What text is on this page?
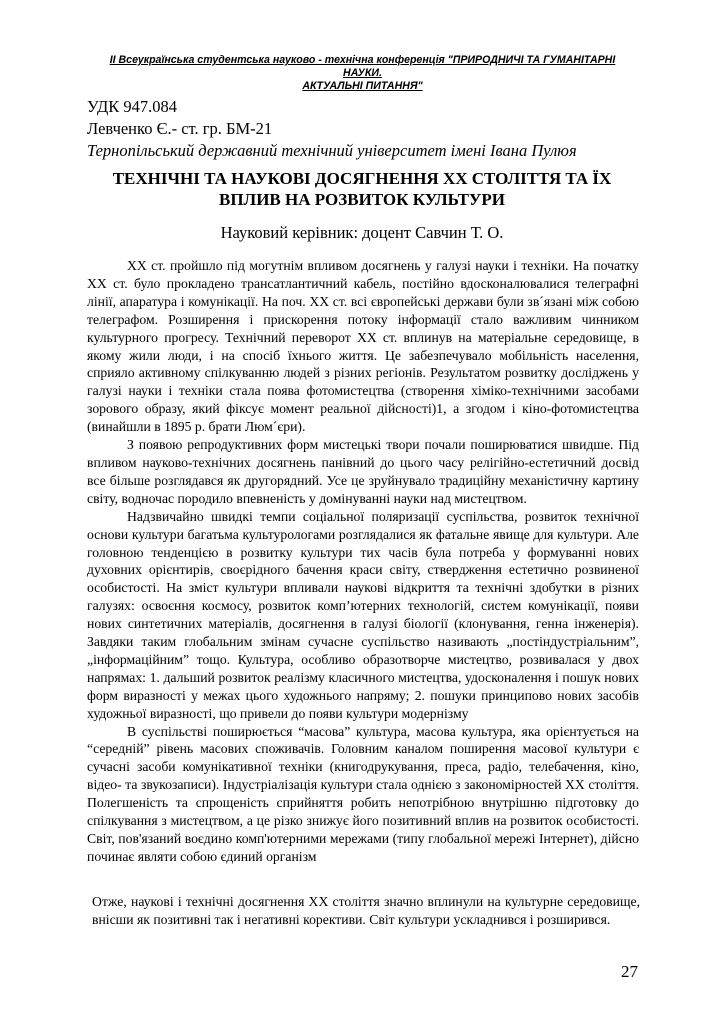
ІІ Всеукраїнська студентська науково - технічна конференція "ПРИРОДНИЧІ ТА ГУМАНІТАРНІ НАУКИ.
АКТУАЛЬНІ ПИТАННЯ"
УДК 947.084
Левченко Є.- ст. гр. БМ-21
Тернопільський державний технічний університет імені Івана Пулюя
ТЕХНІЧНІ ТА НАУКОВІ ДОСЯГНЕННЯ ХХ СТОЛІТТЯ ТА ЇХ
ВПЛИВ НА РОЗВИТОК КУЛЬТУРИ
Науковий керівник: доцент Савчин Т. О.

XX ст. пройшло під могутнім впливом досягнень у галузі науки і техніки. На початку XX ст. було прокладено трансатлантичний кабель, постійно вдосконалювалися телеграфні лінії, апаратура і комунікації. На поч. XX ст. всі європейські держави були зв´язані між собою телеграфом. Розширення і прискорення потоку інформації стало важливим чинником культурного прогресу. Технічний переворот XX ст. вплинув на матеріальне середовище, в якому жили люди, і на спосіб їхнього життя. Це забезпечувало мобільність населення, сприяло активному спілкуванню людей з різних регіонів. Результатом розвитку досліджень у галузі науки і техніки стала поява фотомистецтва (створення хіміко-технічними засобами зорового образу, який фіксує момент реальної дійсності)1, а згодом і кіно-фотомистецтва (винайшли в 1895 р. брати Люм´єри).

З появою репродуктивних форм мистецькі твори почали поширюватися швидше. Під впливом науково-технічних досягнень панівний до цього часу релігійно-естетичний досвід все більше розглядався як другорядний. Усе це зруйнувало традиційну механістичну картину світу, водночас породило впевненість у домінуванні науки над мистецтвом.

Надзвичайно швидкі темпи соціальної поляризації суспільства, розвиток технічної основи культури багатьма культурологами розглядалися як фатальне явище для культури. Але головною тенденцією в розвитку культури тих часів була потреба у формуванні нових духовних орієнтирів, своєрідного бачення краси світу, ствердження естетично розвиненої особистості. На зміст культури впливали наукові відкриття та технічні здобутки в різних галузях: освоєння космосу, розвиток комп’ютерних технологій, систем комунікації, появи нових синтетичних матеріалів, досягнення в галузі біології (клонування, генна інженерія). Завдяки таким глобальним змінам сучасне суспільство називають „постіндустріальним”, „інформаційним” тощо. Культура, особливо образотворче мистецтво, розвивалася у двох напрямах: 1. дальший розвиток реалізму класичного мистецтва, удосконалення і пошук нових форм виразності у межах цього художнього напряму; 2. пошуки принципово нових засобів художньої виразності, що привели до появи культури модернізму

В суспільстві поширюється “масова” культура, масова культура, яка орієнтується на “середній” рівень масових споживачів. Головним каналом поширення масової культури є сучасні засоби комунікативної техніки (книгодрукування, преса, радіо, телебачення, кіно, відео- та звукозаписи). Індустріалізація культури стала однією з закономірностей XX століття. Полегшеність та спрощеність сприйняття робить непотрібною внутрішню підготовку до спілкування з мистецтвом, а це різко знижує його позитивний вплив на розвиток особистості. Світ, пов'язаний воєдино комп'ютерними мережами (типу глобальної мережі Інтернет), дійсно починає являти собою єдиний організм

Отже, наукові і технічні досягнення XX століття значно вплинули на культурне середовище, внісши як позитивні так і негативні корективи. Світ культури ускладнився і розширився.

27
